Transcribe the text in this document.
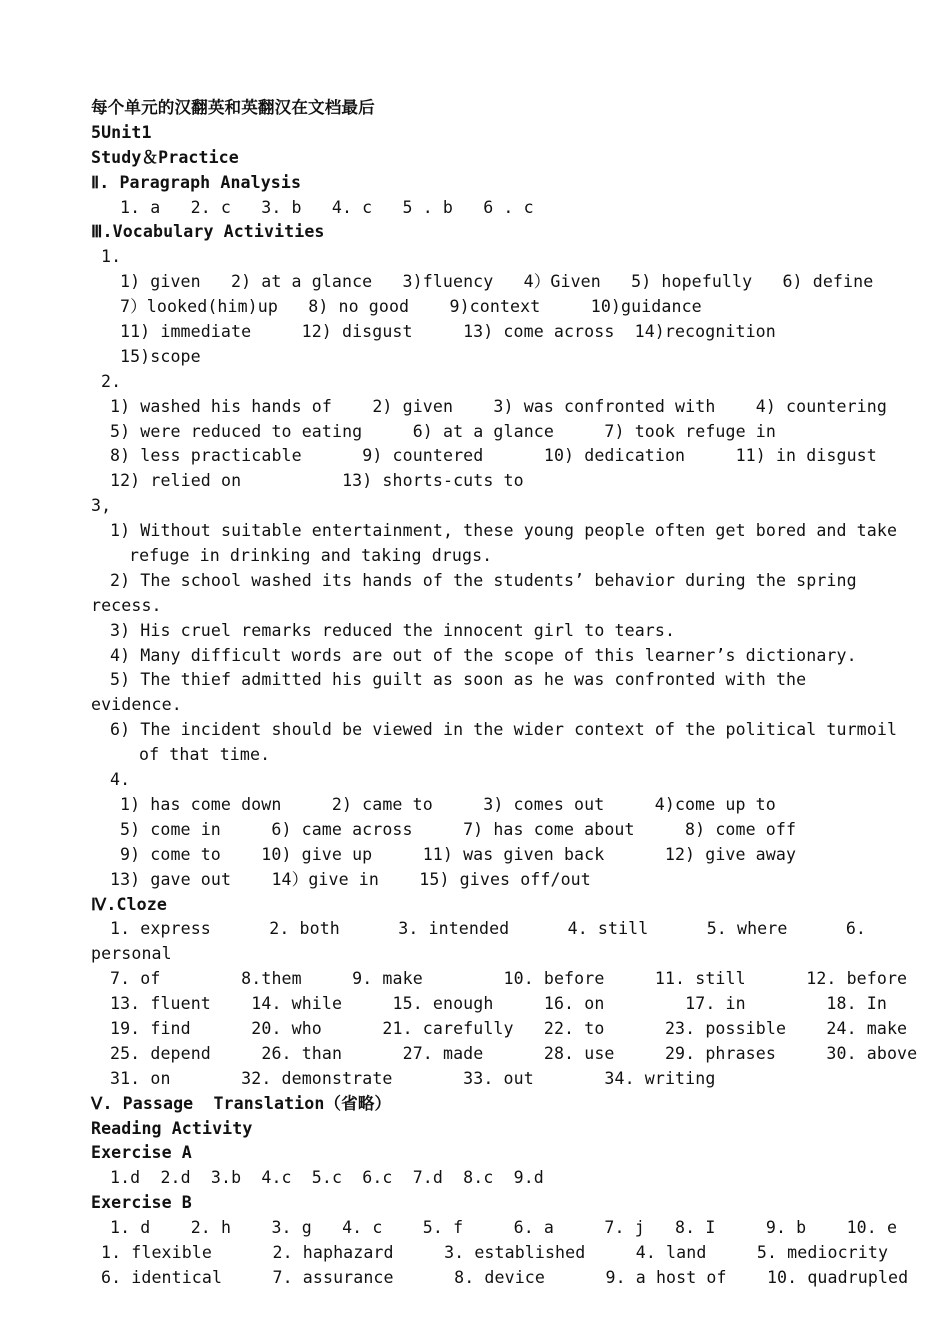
每个单元的汉翻英和英翻汉在文档最后
5Unit1
Study＆Practice
Ⅱ. Paragraph Analysis
1. a   2. c   3. b   4. c   5 . b   6 . c
Ⅲ.Vocabulary Activities
1.
1) given   2) at a glance   3)fluency   4）Given   5) hopefully   6) define
7）looked(him)up   8) no good    9)context     10)guidance
11) immediate     12) disgust     13) come across  14)recognition
15)scope
2.
1) washed his hands of    2) given    3) was confronted with    4) countering
5) were reduced to eating     6) at a glance     7) took refuge in
8) less practicable      9) countered      10) dedication     11) in disgust
12) relied on          13) shorts-cuts to
3,
1) Without suitable entertainment, these young people often get bored and take
refuge in drinking and taking drugs.
2) The school washed its hands of the students’ behavior during the spring
recess.
3) His cruel remarks reduced the innocent girl to tears.
4) Many difficult words are out of the scope of this learner’s dictionary.
5) The thief admitted his guilt as soon as he was confronted with the
evidence.
6) The incident should be viewed in the wider context of the political turmoil
of that time.
4.
1) has come down     2) came to     3) comes out     4)come up to
5) come in     6) came across     7) has come about     8) come off
9) come to    10) give up     11) was given back      12) give away
13) gave out    14）give in    15) gives off/out
Ⅳ.Cloze
1. express	2. both	3. intended	4. still	5. where	6.
personal
7. of        8.them     9. make        10. before     11. still      12. before
13. fluent    14. while     15. enough     16. on        17. in        18. In
19. find      20. who      21. carefully   22. to      23. possible    24. make
25. depend     26. than      27. made      28. use     29. phrases     30. above
31. on       32. demonstrate       33. out       34. writing
Ⅴ. Passage  Translation（省略）
Reading Activity
Exercise A
1.d  2.d  3.b  4.c  5.c  6.c  7.d  8.c  9.d
Exercise B
1. d    2. h    3. g   4. c    5. f     6. a     7. j   8. I     9. b    10. e
1. flexible      2. haphazard     3. established     4. land     5. mediocrity
6. identical     7. assurance      8. device      9. a host of    10. quadrupled
